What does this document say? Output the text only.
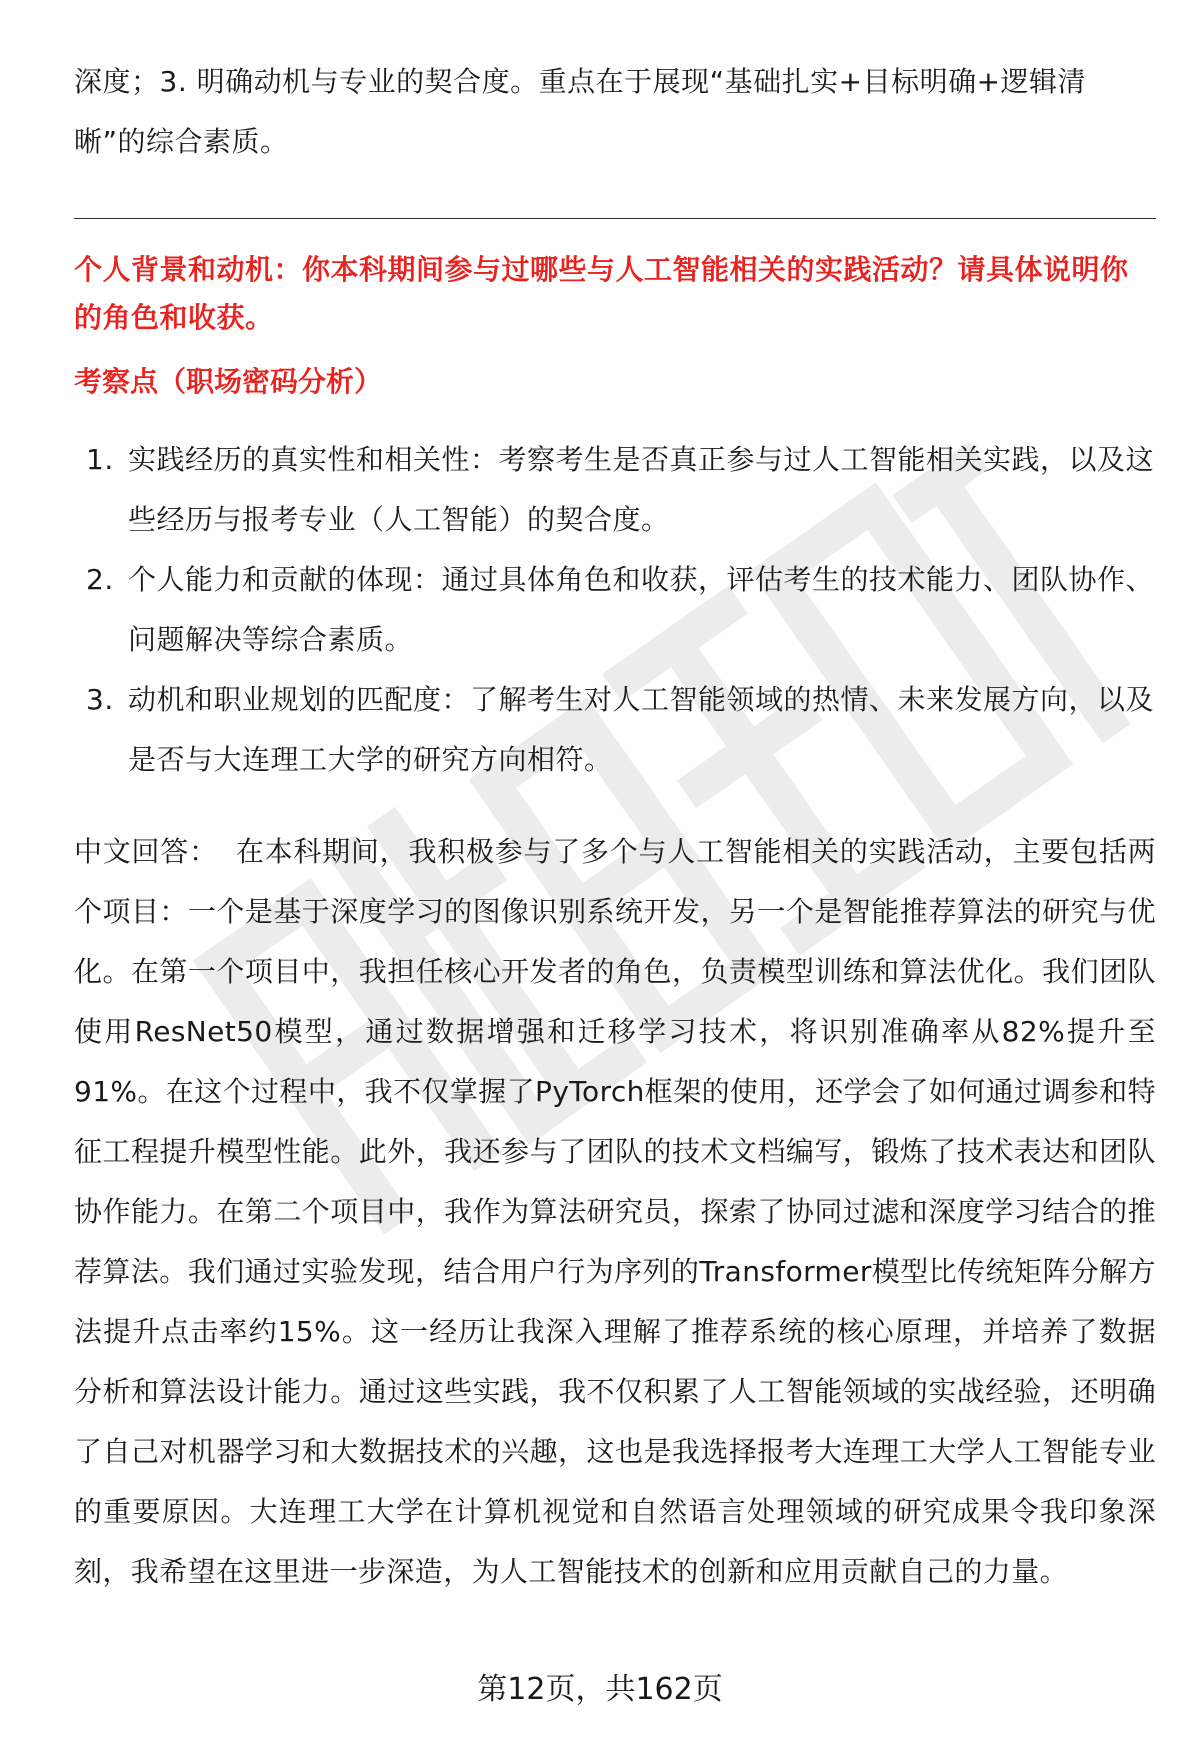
深度；3. 明确动机与专业的契合度。重点在于展现“基础扎实+目标明确+逻辑清晰”的综合素质。

个人背景和动机：你本科期间参与过哪些与人工智能相关的实践活动？请具体说明你的角色和收获。

考察点（职场密码分析）

1. 实践经历的真实性和相关性：考察考生是否真正参与过人工智能相关实践，以及这些经历与报考专业（人工智能）的契合度。
2. 个人能力和贡献的体现：通过具体角色和收获，评估考生的技术能力、团队协作、问题解决等综合素质。
3. 动机和职业规划的匹配度：了解考生对人工智能领域的热情、未来发展方向，以及是否与大连理工大学的研究方向相符。

中文回答： 在本科期间，我积极参与了多个与人工智能相关的实践活动，主要包括两个项目：一个是基于深度学习的图像识别系统开发，另一个是智能推荐算法的研究与优化。在第一个项目中，我担任核心开发者的角色，负责模型训练和算法优化。我们团队使用ResNet50模型，通过数据增强和迁移学习技术，将识别准确率从82%提升至91%。在这个过程中，我不仅掌握了PyTorch框架的使用，还学会了如何通过调参和特征工程提升模型性能。此外，我还参与了团队的技术文档编写，锻炼了技术表达和团队协作能力。在第二个项目中，我作为算法研究员，探索了协同过滤和深度学习结合的推荐算法。我们通过实验发现，结合用户行为序列的Transformer模型比传统矩阵分解方法提升点击率约15%。这一经历让我深入理解了推荐系统的核心原理，并培养了数据分析和算法设计能力。通过这些实践，我不仅积累了人工智能领域的实战经验，还明确了自己对机器学习和大数据技术的兴趣，这也是我选择报考大连理工大学人工智能专业的重要原因。大连理工大学在计算机视觉和自然语言处理领域的研究成果令我印象深刻，我希望在这里进一步深造，为人工智能技术的创新和应用贡献自己的力量。

第12页，共162页
